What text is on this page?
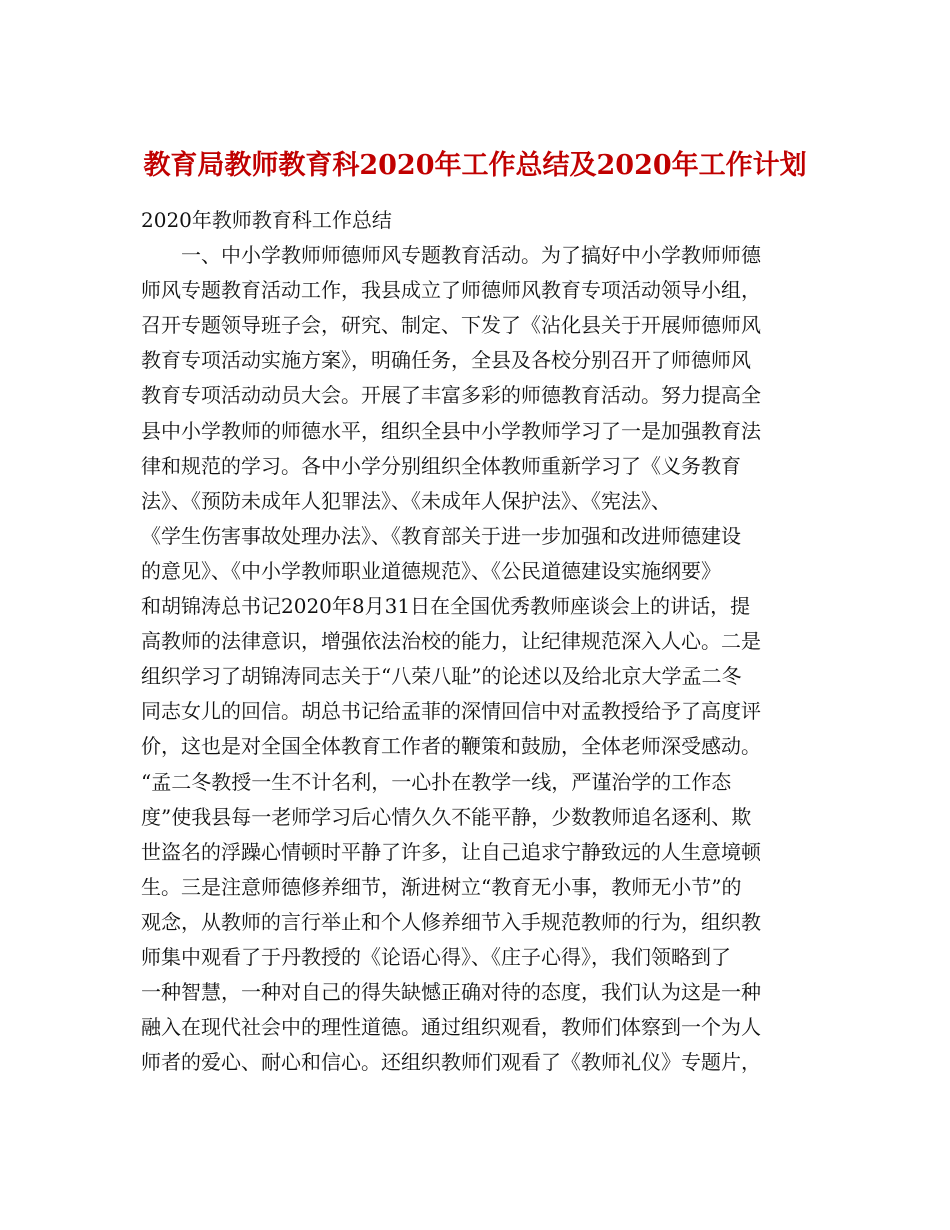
教育局教师教育科2020年工作总结及2020年工作计划

2020年教师教育科工作总结

　　一、中小学教师师德师风专题教育活动。为了搞好中小学教师师德
师风专题教育活动工作，我县成立了师德师风教育专项活动领导小组，
召开专题领导班子会，研究、制定、下发了《沾化县关于开展师德师风
教育专项活动实施方案》，明确任务，全县及各校分别召开了师德师风
教育专项活动动员大会。开展了丰富多彩的师德教育活动。努力提高全
县中小学教师的师德水平，组织全县中小学教师学习了一是加强教育法
律和规范的学习。各中小学分别组织全体教师重新学习了《义务教育
法》、《预防未成年人犯罪法》、《未成年人保护法》、《宪法》、
《学生伤害事故处理办法》、《教育部关于进一步加强和改进师德建设
的意见》、《中小学教师职业道德规范》、《公民道德建设实施纲要》
和胡锦涛总书记2020年8月31日在全国优秀教师座谈会上的讲话，提
高教师的法律意识，增强依法治校的能力，让纪律规范深入人心。二是
组织学习了胡锦涛同志关于“八荣八耻”的论述以及给北京大学孟二冬
同志女儿的回信。胡总书记给孟菲的深情回信中对孟教授给予了高度评
价，这也是对全国全体教育工作者的鞭策和鼓励，全体老师深受感动。
“孟二冬教授一生不计名利，一心扑在教学一线，严谨治学的工作态
度”使我县每一老师学习后心情久久不能平静，少数教师追名逐利、欺
世盗名的浮躁心情顿时平静了许多，让自己追求宁静致远的人生意境顿
生。三是注意师德修养细节，渐进树立“教育无小事，教师无小节”的
观念，从教师的言行举止和个人修养细节入手规范教师的行为，组织教
师集中观看了于丹教授的《论语心得》、《庄子心得》，我们领略到了
一种智慧，一种对自己的得失缺憾正确对待的态度，我们认为这是一种
融入在现代社会中的理性道德。通过组织观看，教师们体察到一个为人
师者的爱心、耐心和信心。还组织教师们观看了《教师礼仪》专题片，
